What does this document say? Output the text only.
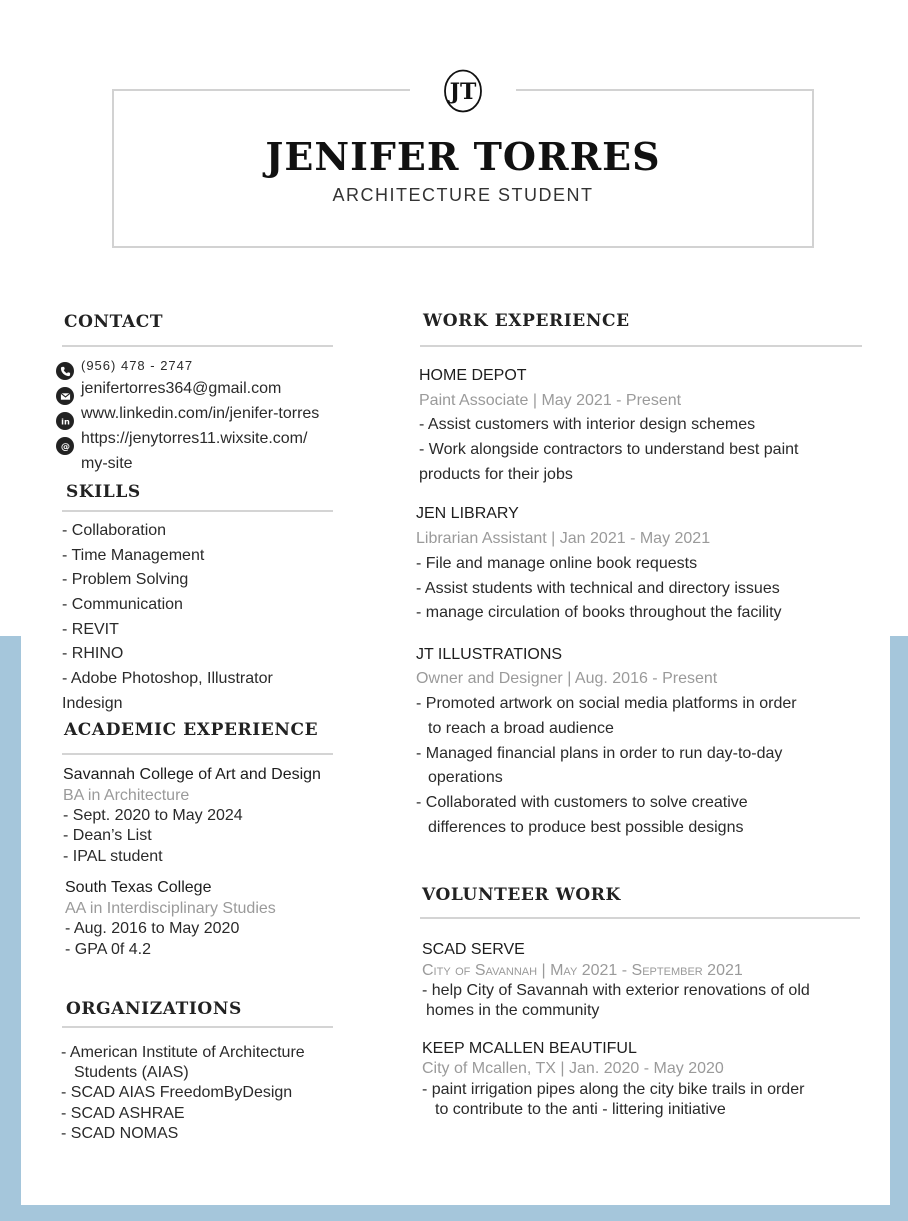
JT
JENIFER TORRES
ARCHITECTURE STUDENT
CONTACT
(956) 478 - 2747
jenifertorres364@gmail.com
in www.linkedin.com/in/jenifer-torres
@ https://jenytorres11.wixsite.com/
my-site
SKILLS
- Collaboration
- Time Management
- Problem Solving
- Communication
- REVIT
- RHINO
- Adobe Photoshop, Illustrator
Indesign
ACADEMIC EXPERIENCE
Savannah College of Art and Design
BA in Architecture
- Sept. 2020 to May 2024
- Dean’s List
- IPAL student
South Texas College
AA in Interdisciplinary Studies
- Aug. 2016 to May 2020
- GPA 0f 4.2
ORGANIZATIONS
- American Institute of Architecture
Students (AIAS)
- SCAD AIAS FreedomByDesign
- SCAD ASHRAE
- SCAD NOMAS
WORK EXPERIENCE
HOME DEPOT
Paint Associate | May 2021 - Present
- Assist customers with interior design schemes
- Work alongside contractors to understand best paint
products for their jobs
JEN LIBRARY
Librarian Assistant | Jan 2021 - May 2021
- File and manage online book requests
- Assist students with technical and directory issues
- manage circulation of books throughout the facility
JT ILLUSTRATIONS
Owner and Designer | Aug. 2016 - Present
- Promoted artwork on social media platforms in order
to reach a broad audience
- Managed financial plans in order to run day-to-day
operations
- Collaborated with customers to solve creative
differences to produce best possible designs
VOLUNTEER WORK
SCAD SERVE
City of Savannah | May 2021 - September 2021
- help City of Savannah with exterior renovations of old
homes in the community
KEEP MCALLEN BEAUTIFUL
City of Mcallen, TX | Jan. 2020 - May 2020
- paint irrigation pipes along the city bike trails in order
to contribute to the anti - littering initiative
